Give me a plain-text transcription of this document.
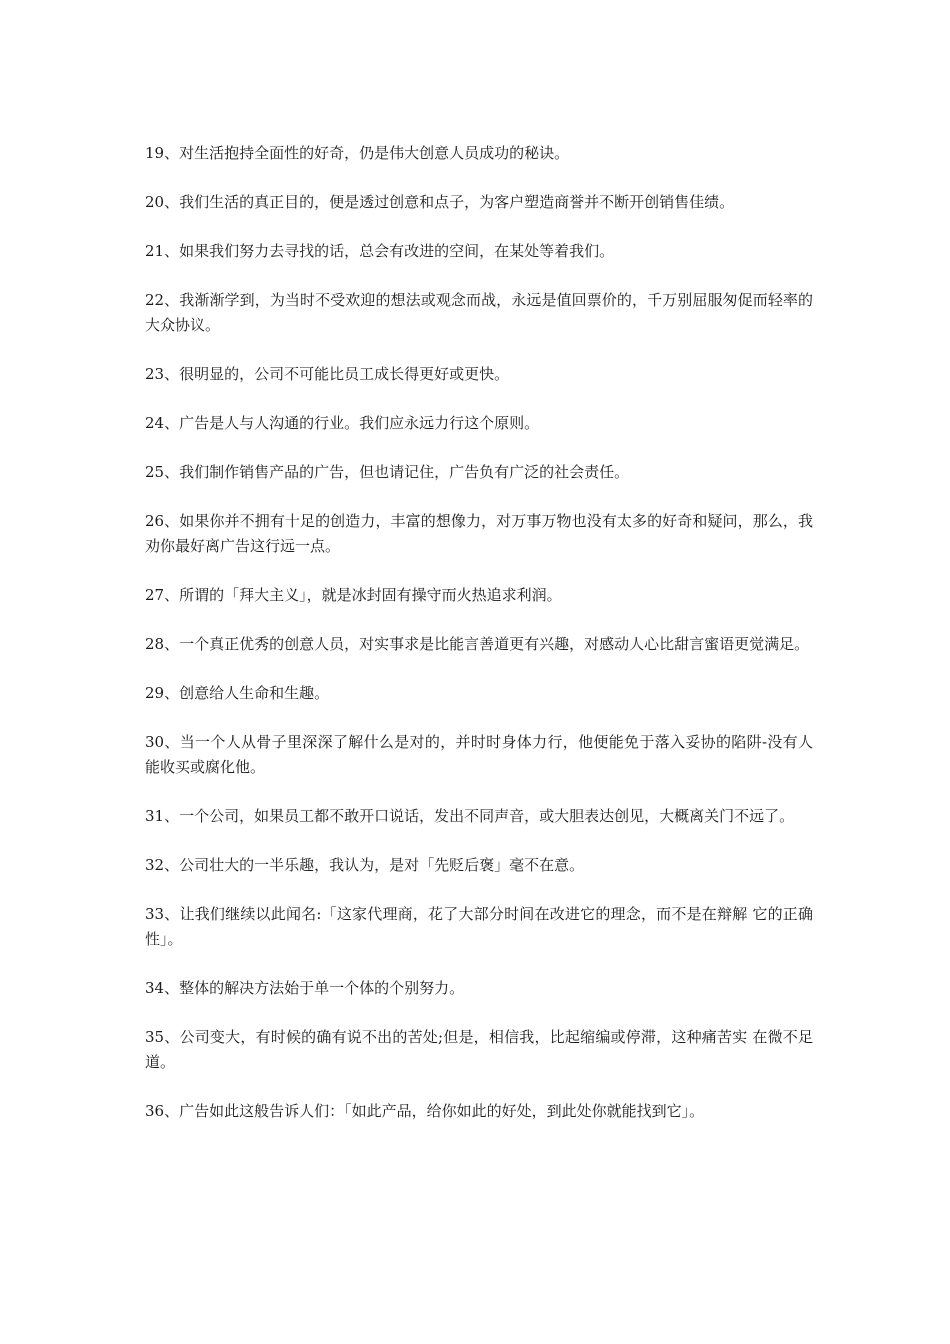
19、对生活抱持全面性的好奇，仍是伟大创意人员成功的秘诀。

20、我们生活的真正目的，便是透过创意和点子，为客户塑造商誉并不断开创销售佳绩。

21、如果我们努力去寻找的话，总会有改进的空间，在某处等着我们。

22、我渐渐学到，为当时不受欢迎的想法或观念而战，永远是值回票价的，千万别屈服匆促而轻率的大众协议。

23、很明显的，公司不可能比员工成长得更好或更快。

24、广告是人与人沟通的行业。我们应永远力行这个原则。

25、我们制作销售产品的广告，但也请记住，广告负有广泛的社会责任。

26、如果你并不拥有十足的创造力，丰富的想像力，对万事万物也没有太多的好奇和疑问，那么，我劝你最好离广告这行远一点。

27、所谓的「拜大主义」，就是冰封固有操守而火热追求利润。

28、一个真正优秀的创意人员，对实事求是比能言善道更有兴趣，对感动人心比甜言蜜语更觉满足。

29、创意给人生命和生趣。

30、当一个人从骨子里深深了解什么是对的，并时时身体力行，他便能免于落入妥协的陷阱-没有人能收买或腐化他。

31、一个公司，如果员工都不敢开口说话，发出不同声音，或大胆表达创见，大概离关门不远了。

32、公司壮大的一半乐趣，我认为，是对「先贬后褒」毫不在意。

33、让我们继续以此闻名:「这家代理商，花了大部分时间在改进它的理念，而不是在辩解 它的正确性」。

34、整体的解决方法始于单一个体的个别努力。

35、公司变大，有时候的确有说不出的苦处;但是，相信我，比起缩编或停滞，这种痛苦实 在微不足道。

36、广告如此这般告诉人们：「如此产品，给你如此的好处，到此处你就能找到它」。
